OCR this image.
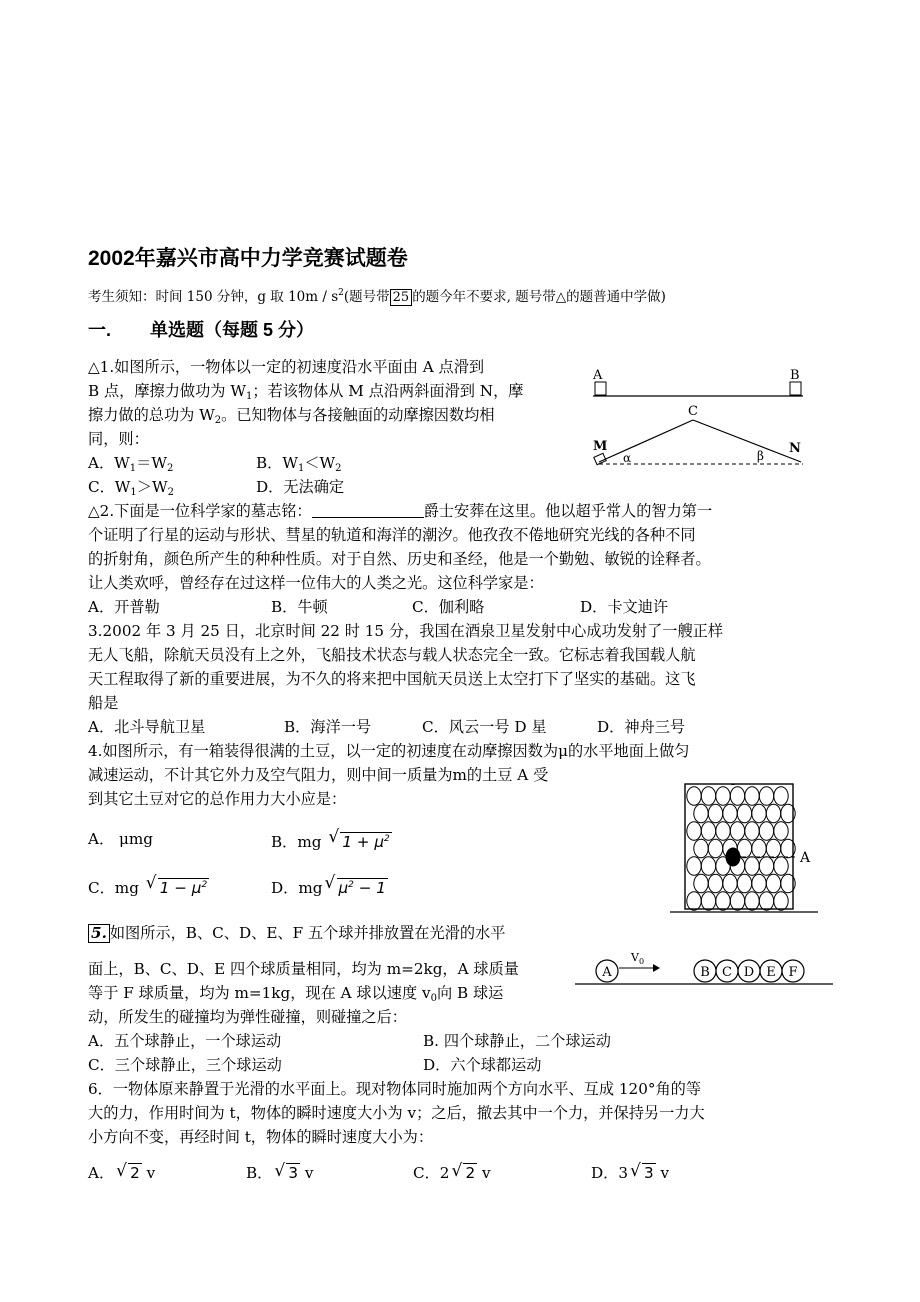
2002年嘉兴市高中力学竞赛试题卷
考生须知：时间 150 分钟，g 取 $10m / s^2$(题号带 25 的题今年不要求, 题号带△的题普通中学做)
一. 单选题（每题 5 分）
△1.如图所示，一物体以一定的初速度沿水平面由 A 点滑到
B 点，摩擦力做功为 $W_1$；若该物体从 M 点沿两斜面滑到 N，摩
擦力做的总功为 $W_2$。已知物体与各接触面的动摩擦因数均相
同，则：
A．$W_1=W_2$	B．$W_1<W_2$
C．$W_1>W_2$	D．无法确定
A	B
C
M	N
α	β
△2.下面是一位科学家的墓志铭：	爵士安葬在这里。他以超乎常人的智力第一
个证明了行星的运动与形状、彗星的轨道和海洋的潮汐。他孜孜不倦地研究光线的各种不同
的折射角，颜色所产生的种种性质。对于自然、历史和圣经，他是一个勤勉、敏锐的诠释者。
让人类欢呼，曾经存在过这样一位伟大的人类之光。这位科学家是：
A．开普勒	B．牛顿	C．伽利略	D．卡文迪许
3.2002 年 3 月 25 日，北京时间 22 时 15 分，我国在酒泉卫星发射中心成功发射了一艘正样
无人飞船，除航天员没有上之外，飞船技术状态与载人状态完全一致。它标志着我国载人航
天工程取得了新的重要进展，为不久的将来把中国航天员送上太空打下了坚实的基础。这飞
船是
A．北斗导航卫星	B．海洋一号	C．风云一号 D 星	D．神舟三号
4.如图所示，有一箱装得很满的土豆，以一定的初速度在动摩擦因数为μ的水平地面上做匀
减速运动，不计其它外力及空气阻力，则中间一质量为m的土豆 A 受
到其它土豆对它的总作用力大小应是：
A． μmg	B．mg √ $1 + \mu^2$
C．mg √ $1 - \mu^2$	D．mg √ $\mu^2 - 1$
-
A
5. 如图所示，B、C、D、E、F 五个球并排放置在光滑的水平
面上，B、C、D、E 四个球质量相同，均为 m=2kg，A 球质量
等于 F 球质量，均为 m=1kg，现在 A 球以速度 $v_0$向 B 球运
动，所发生的碰撞均为弹性碰撞，则碰撞之后：
A．五个球静止，一个球运动	B. 四个球静止，二个球运动
C．三个球静止，三个球运动	D．六个球都运动
A
$V_0$
B C D E F
6．一物体原来静置于光滑的水平面上。现对物体同时施加两个方向水平、互成 120°角的等
大的力，作用时间为 t，物体的瞬时速度大小为 v；之后，撤去其中一个力，并保持另一力大
小方向不变，再经时间 t，物体的瞬时速度大小为：
A． √ 2 v	B． √ 3 v	C．2 √ 2 v	D．3 √ 3 v
